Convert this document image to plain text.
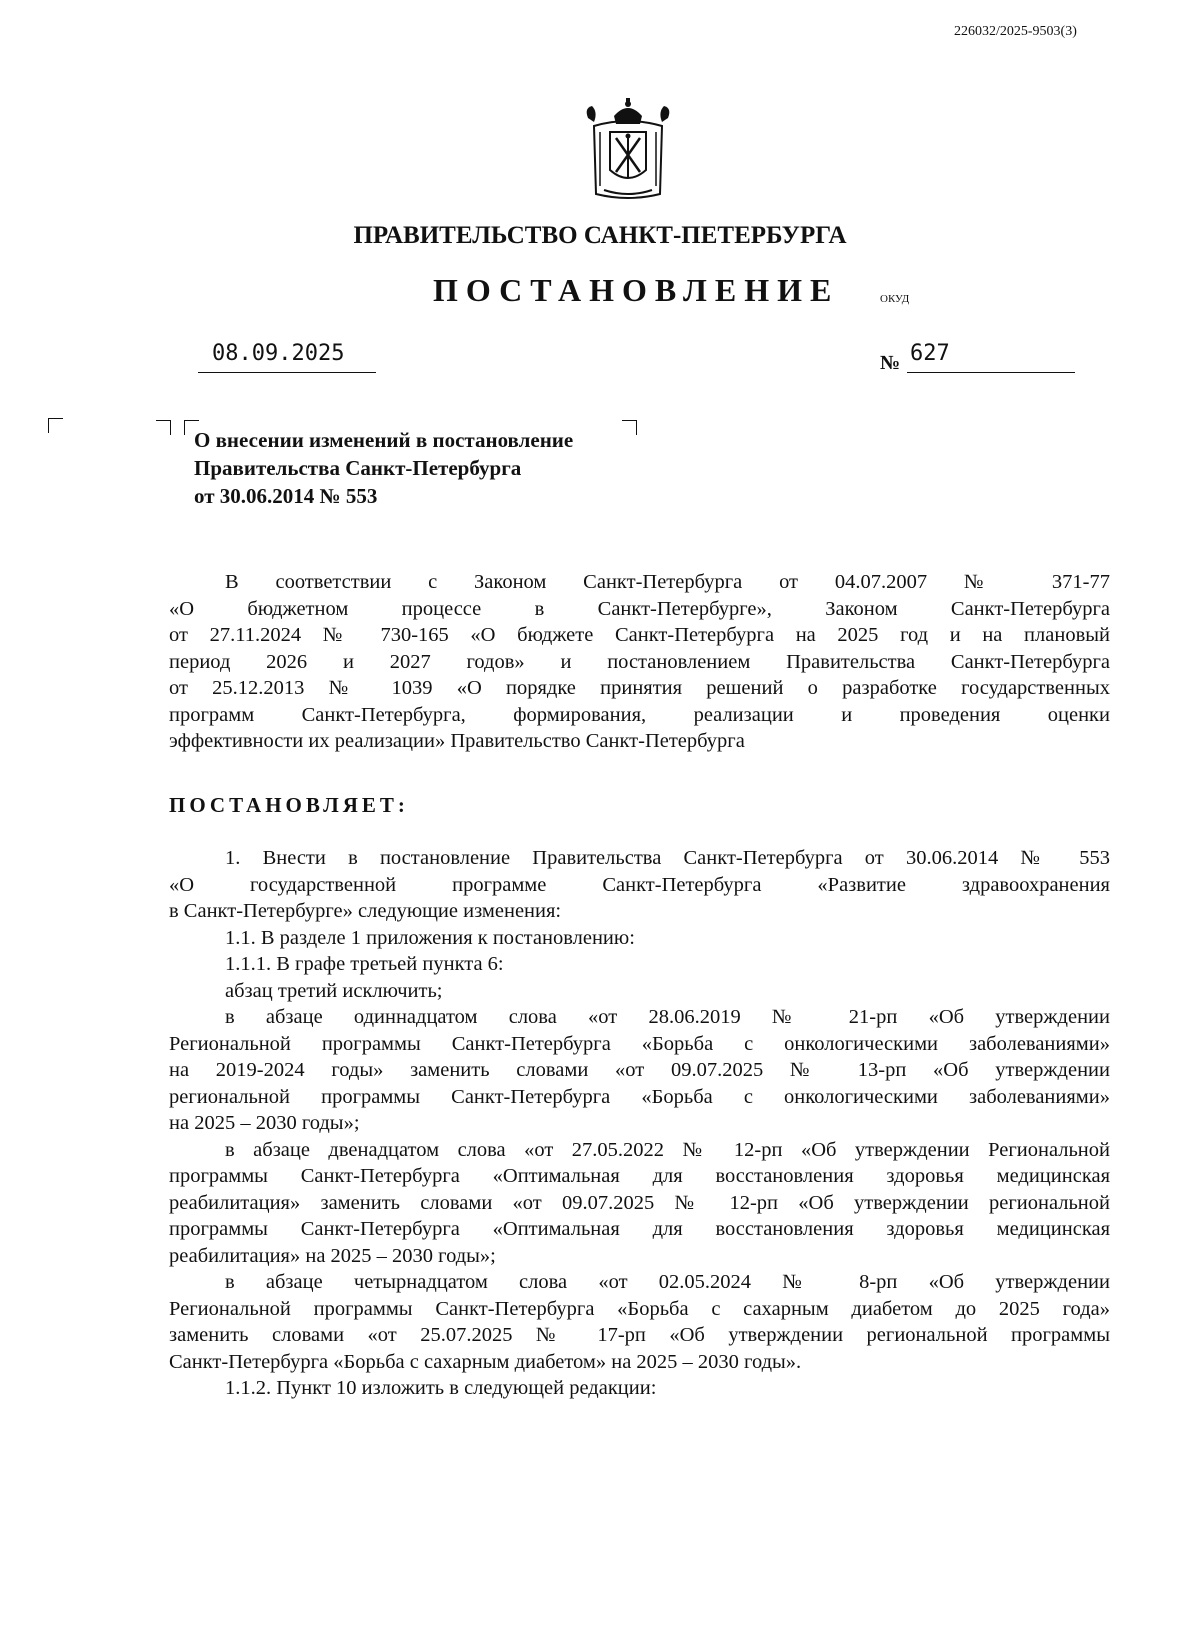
226032/2025-9503(3)
ПРАВИТЕЛЬСТВО САНКТ-ПЕТЕРБУРГА
ПОСТАНОВЛЕНИЕ	ОКУД
08.09.2025	№ 627
О внесении изменений в постановление
Правительства Санкт-Петербурга
от 30.06.2014 № 553
В соответствии с Законом Санкт-Петербурга от 04.07.2007 № 371-77
«О бюджетном процессе в Санкт-Петербурге», Законом Санкт-Петербурга
от 27.11.2024 № 730-165 «О бюджете Санкт-Петербурга на 2025 год и на плановый
период 2026 и 2027 годов» и постановлением Правительства Санкт-Петербурга
от 25.12.2013 № 1039 «О порядке принятия решений о разработке государственных
программ Санкт-Петербурга, формирования, реализации и проведения оценки
эффективности их реализации» Правительство Санкт-Петербурга
ПОСТАНОВЛЯЕТ:
1. Внести в постановление Правительства Санкт-Петербурга от 30.06.2014 № 553
«О государственной программе Санкт-Петербурга «Развитие здравоохранения
в Санкт-Петербурге» следующие изменения:
1.1. В разделе 1 приложения к постановлению:
1.1.1. В графе третьей пункта 6:
абзац третий исключить;
в абзаце одиннадцатом слова «от 28.06.2019 № 21-рп «Об утверждении
Региональной программы Санкт-Петербурга «Борьба с онкологическими заболеваниями»
на 2019-2024 годы» заменить словами «от 09.07.2025 № 13-рп «Об утверждении
региональной программы Санкт-Петербурга «Борьба с онкологическими заболеваниями»
на 2025 – 2030 годы»;
в абзаце двенадцатом слова «от 27.05.2022 № 12-рп «Об утверждении Региональной
программы Санкт-Петербурга «Оптимальная для восстановления здоровья медицинская
реабилитация» заменить словами «от 09.07.2025 № 12-рп «Об утверждении региональной
программы Санкт-Петербурга «Оптимальная для восстановления здоровья медицинская
реабилитация» на 2025 – 2030 годы»;
в абзаце четырнадцатом слова «от 02.05.2024 № 8-рп «Об утверждении
Региональной программы Санкт-Петербурга «Борьба с сахарным диабетом до 2025 года»
заменить словами «от 25.07.2025 № 17-рп «Об утверждении региональной программы
Санкт-Петербурга «Борьба с сахарным диабетом» на 2025 – 2030 годы».
1.1.2. Пункт 10 изложить в следующей редакции:
